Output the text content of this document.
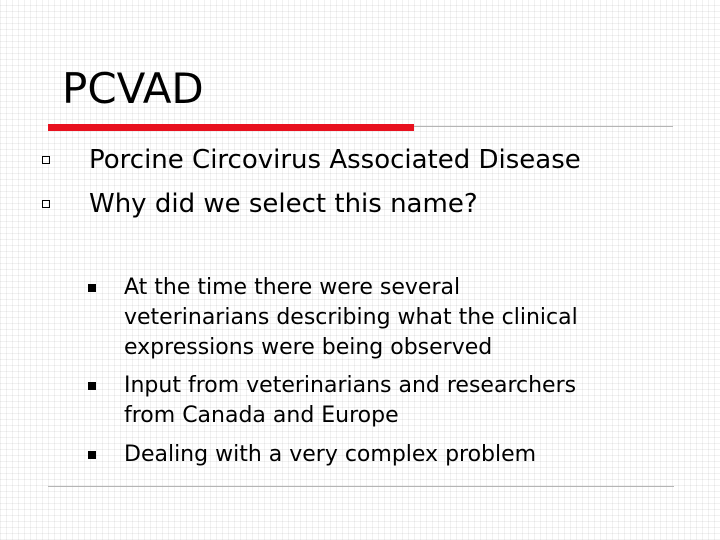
PCVAD
Porcine Circovirus Associated Disease
Why did we select this name?
At the time there were several
veterinarians describing what the clinical
expressions were being observed
Input from veterinarians and researchers
from Canada and Europe
Dealing with a very complex problem
